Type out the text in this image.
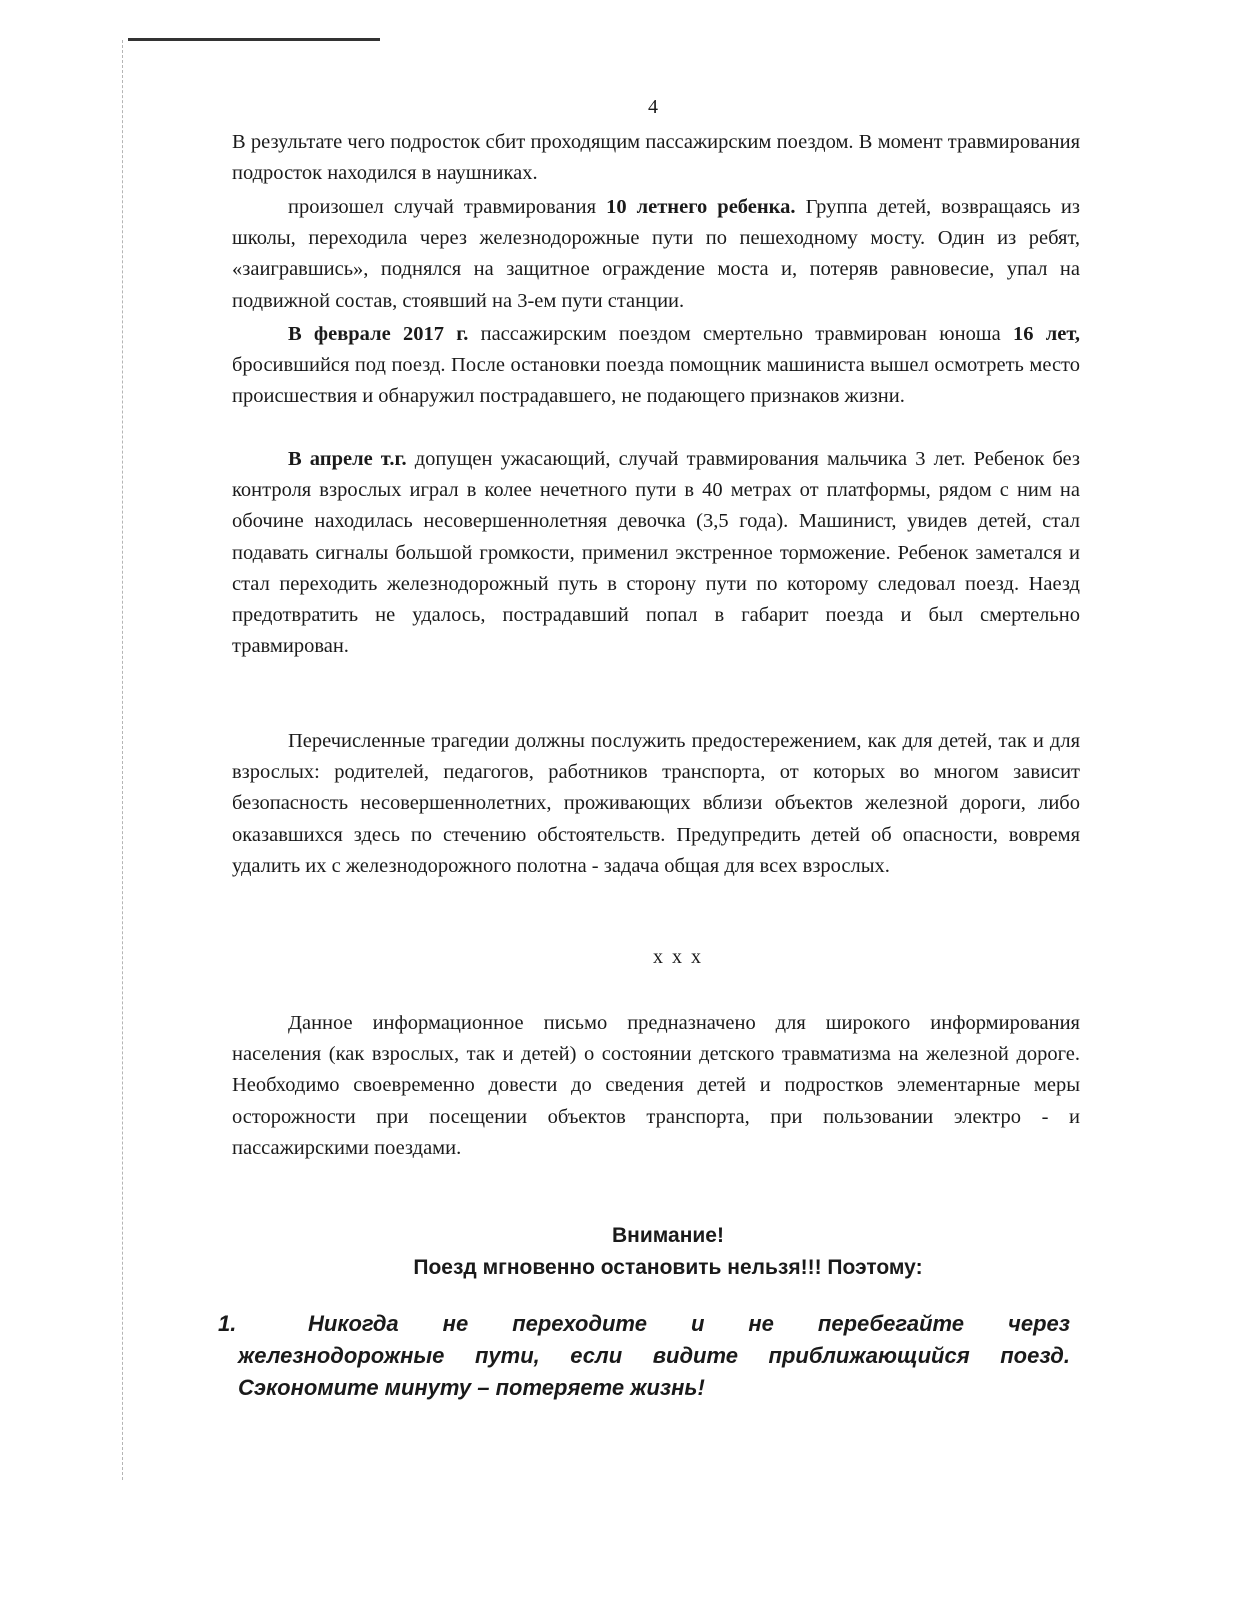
4

В результате чего подросток сбит проходящим пассажирским поездом. В момент травмирования подросток находился в наушниках.

произошел случай травмирования 10 летнего ребенка. Группа детей, возвращаясь из школы, переходила через железнодорожные пути по пешеходному мосту. Один из ребят, «заигравшись», поднялся на защитное ограждение моста и, потеряв равновесие, упал на подвижной состав, стоявший на 3-ем пути станции.

В феврале 2017 г. пассажирским поездом смертельно травмирован юноша 16 лет, бросившийся под поезд. После остановки поезда помощник машиниста вышел осмотреть место происшествия и обнаружил пострадавшего, не подающего признаков жизни.

В апреле т.г. допущен ужасающий, случай травмирования мальчика 3 лет. Ребенок без контроля взрослых играл в колее нечетного пути в 40 метрах от платформы, рядом с ним на обочине находилась несовершеннолетняя девочка (3,5 года). Машинист, увидев детей, стал подавать сигналы большой громкости, применил экстренное торможение. Ребенок заметался и стал переходить железнодорожный путь в сторону пути по которому следовал поезд. Наезд предотвратить не удалось, пострадавший попал в габарит поезда и был смертельно травмирован.

Перечисленные трагедии должны послужить предостережением, как для детей, так и для взрослых: родителей, педагогов, работников транспорта, от которых во многом зависит безопасность несовершеннолетних, проживающих вблизи объектов железной дороги, либо оказавшихся здесь по стечению обстоятельств. Предупредить детей об опасности, вовремя удалить их с железнодорожного полотна - задача общая для всех взрослых.

x x x

Данное информационное письмо предназначено для широкого информирования населения (как взрослых, так и детей) о состоянии детского травматизма на железной дороге. Необходимо своевременно довести до сведения детей и подростков элементарные меры осторожности при посещении объектов транспорта, при пользовании электро - и пассажирскими поездами.

Внимание!
Поезд мгновенно остановить нельзя!!! Поэтому:
1.	Никогда не переходите и не перебегайте через
железнодорожные пути, если видите приближающийся поезд. Сэкономите минуту – потеряете жизнь!
